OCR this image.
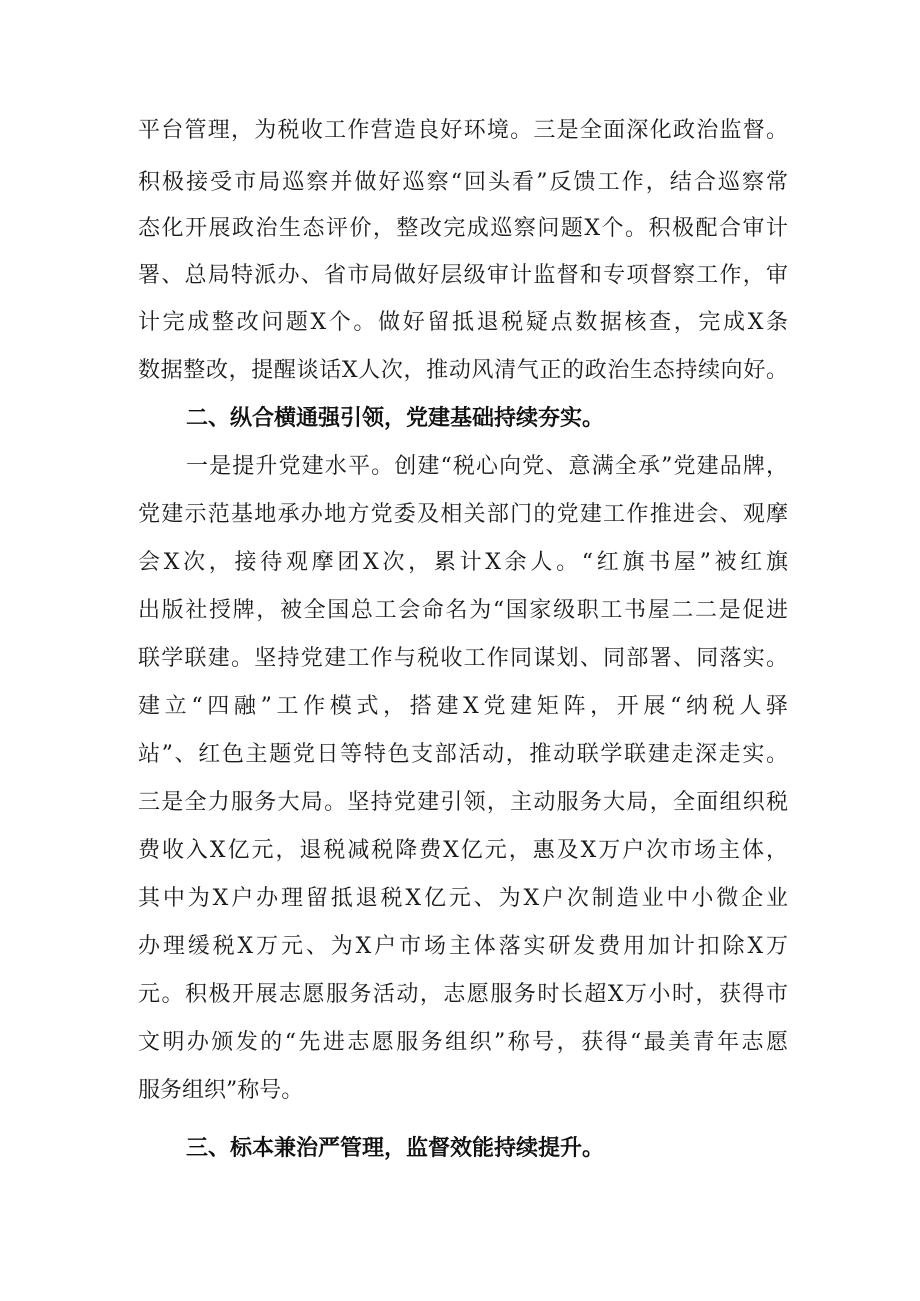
平台管理，为税收工作营造良好环境。三是全面深化政治监督。
积极接受市局巡察并做好巡察“回头看”反馈工作，结合巡察常
态化开展政治生态评价，整改完成巡察问题X个。积极配合审计
署、总局特派办、省市局做好层级审计监督和专项督察工作，审
计完成整改问题X个。做好留抵退税疑点数据核查，完成X条
数据整改，提醒谈话X人次，推动风清气正的政治生态持续向好。
二、纵合横通强引领，党建基础持续夯实。
一是提升党建水平。创建“税心向党、意满全承”党建品牌，
党建示范基地承办地方党委及相关部门的党建工作推进会、观摩
会X次，接待观摩团X次，累计X余人。“红旗书屋”被红旗
出版社授牌，被全国总工会命名为“国家级职工书屋二二是促进
联学联建。坚持党建工作与税收工作同谋划、同部署、同落实。
建立“四融”工作模式，搭建X党建矩阵，开展“纳税人驿
站”、红色主题党日等特色支部活动，推动联学联建走深走实。
三是全力服务大局。坚持党建引领，主动服务大局，全面组织税
费收入X亿元，退税减税降费X亿元，惠及X万户次市场主体，
其中为X户办理留抵退税X亿元、为X户次制造业中小微企业
办理缓税X万元、为X户市场主体落实研发费用加计扣除X万
元。积极开展志愿服务活动，志愿服务时长超X万小时，获得市
文明办颁发的“先进志愿服务组织”称号，获得“最美青年志愿
服务组织”称号。
三、标本兼治严管理，监督效能持续提升。
